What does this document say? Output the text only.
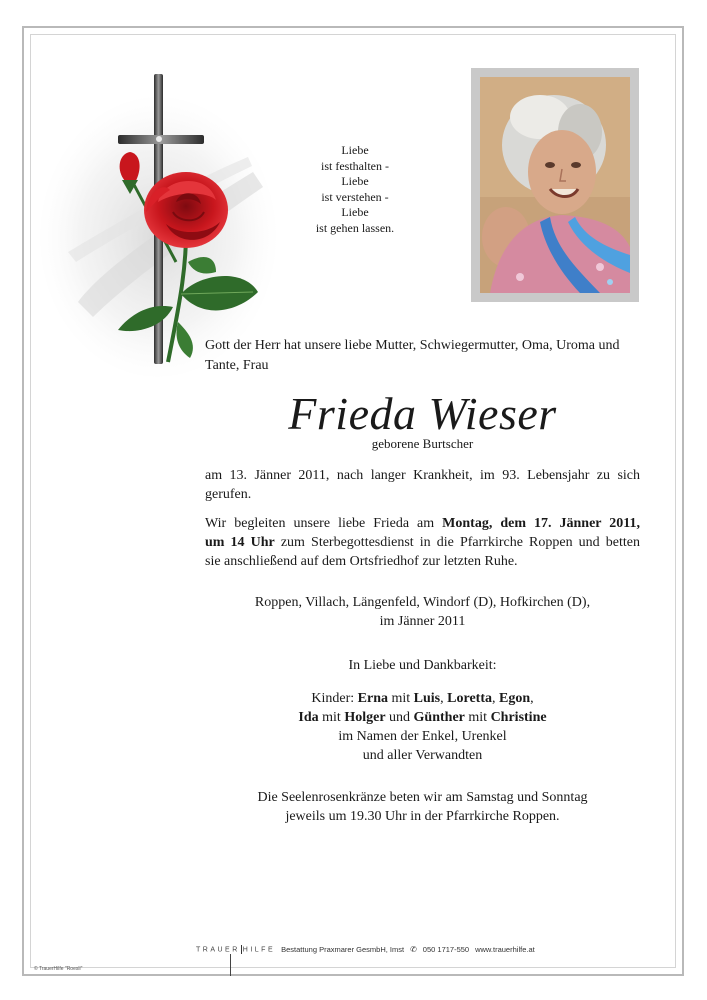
Liebe
ist festhalten -
Liebe
ist verstehen -
Liebe
ist gehen lassen.
Gott der Herr hat unsere liebe Mutter, Schwiegermutter, Oma, Uroma und Tante, Frau
Frieda Wieser
geborene Burtscher
am 13. Jänner 2011, nach langer Krankheit, im 93. Lebensjahr zu sich
gerufen.
Wir begleiten unsere liebe Frieda am Montag, dem 17. Jänner 2011,
um 14 Uhr zum Sterbegottesdienst in die Pfarrkirche Roppen und betten
sie anschließend auf dem Ortsfriedhof zur letzten Ruhe.
Roppen, Villach, Längenfeld, Windorf (D), Hofkirchen (D),
im Jänner 2011
In Liebe und Dankbarkeit:
Kinder: Erna mit Luis, Loretta, Egon,
Ida mit Holger und Günther mit Christine
im Namen der Enkel, Urenkel
und aller Verwandten
Die Seelenrosenkränze beten wir am Samstag und Sonntag
jeweils um 19.30 Uhr in der Pfarrkirche Roppen.
TRAUER HILFE Bestattung Praxmarer GesmbH, Imst ✆ 050 1717-550 www.trauerhilfe.at
© TrauerHilfe "Roesli"
